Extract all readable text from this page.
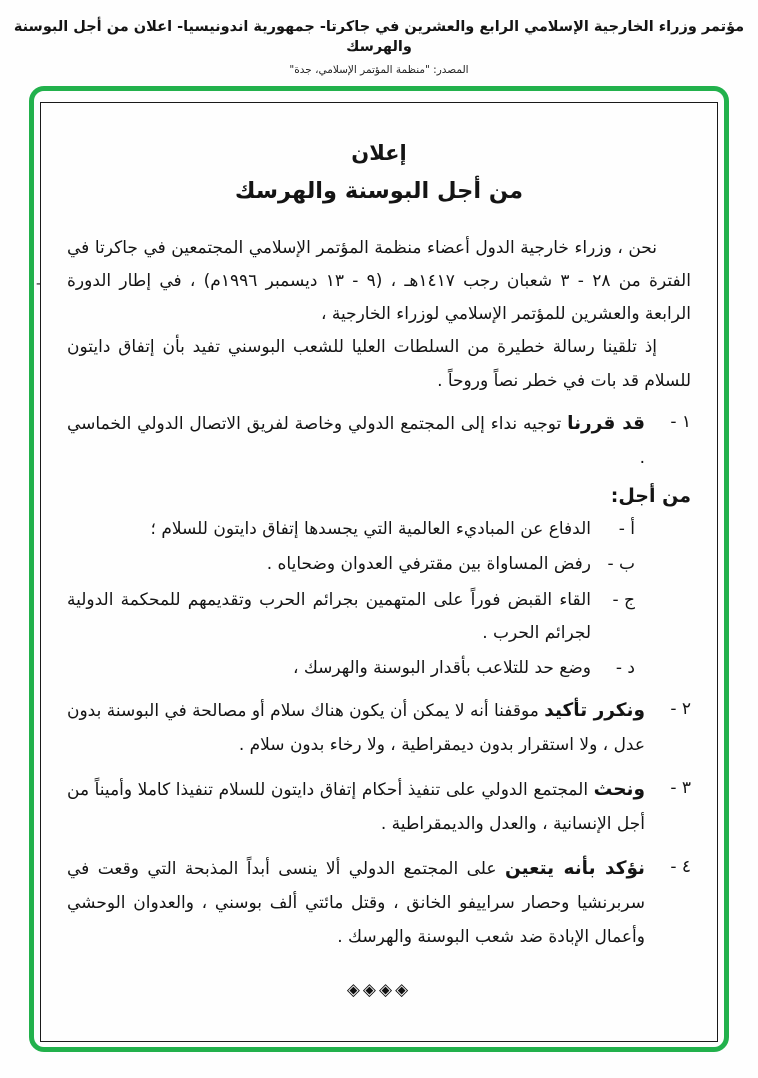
مؤتمر وزراء الخارجية الإسلامي الرابع والعشرين في جاكرتا- جمهورية اندونيسيا- اعلان من أجل البوسنة والهرسك
المصدر: "منظمة المؤتمر الإسلامي، جدة"
إعلان
من أجل البوسنة والهرسك

نحن ، وزراء خارجية الدول أعضاء منظمة المؤتمر الإسلامي المجتمعين في جاكرتا في الفترة من ٢٨ - ٣ شعبان رجب ١٤١٧هـ ، (٩ - ١٣ ديسمبر ١٩٩٦م) ، في إطار الدورة الرابعة والعشرين للمؤتمر الإسلامي لوزراء الخارجية ،

إذ تلقينا رسالة خطيرة من السلطات العليا للشعب البوسني تفيد بأن إتفاق دايتون للسلام قد بات في خطر نصاً وروحاً .

١ -
قد قررنا توجيه نداء إلى المجتمع الدولي وخاصة لفريق الاتصال الدولي الخماسي .
من أجل:
أ -
الدفاع عن المباديء العالمية التي يجسدها إتفاق دايتون للسلام ؛
ب -
رفض المساواة بين مقترفي العدوان وضحاياه .
ج -
القاء القبض فوراً على المتهمين بجرائم الحرب وتقديمهم للمحكمة الدولية لجرائم الحرب .
د -
وضع حد للتلاعب بأقدار البوسنة والهرسك ،
٢ -
ونكرر تأكيد موقفنا أنه لا يمكن أن يكون هناك سلام أو مصالحة في البوسنة بدون عدل ، ولا استقرار بدون ديمقراطية ، ولا رخاء بدون سلام .
٣ -
ونحث المجتمع الدولي على تنفيذ أحكام إتفاق دايتون للسلام تنفيذا كاملا وأميناً من أجل الإنسانية ، والعدل والديمقراطية .
٤ -
نؤكد بأنه يتعين على المجتمع الدولي ألا ينسى أبداً المذبحة التي وقعت في سربرنشيا وحصار سراييفو الخانق ، وقتل مائتي ألف بوسني ، والعدوان الوحشي وأعمال الإبادة ضد شعب البوسنة والهرسك .
◈◈◈◈
-
